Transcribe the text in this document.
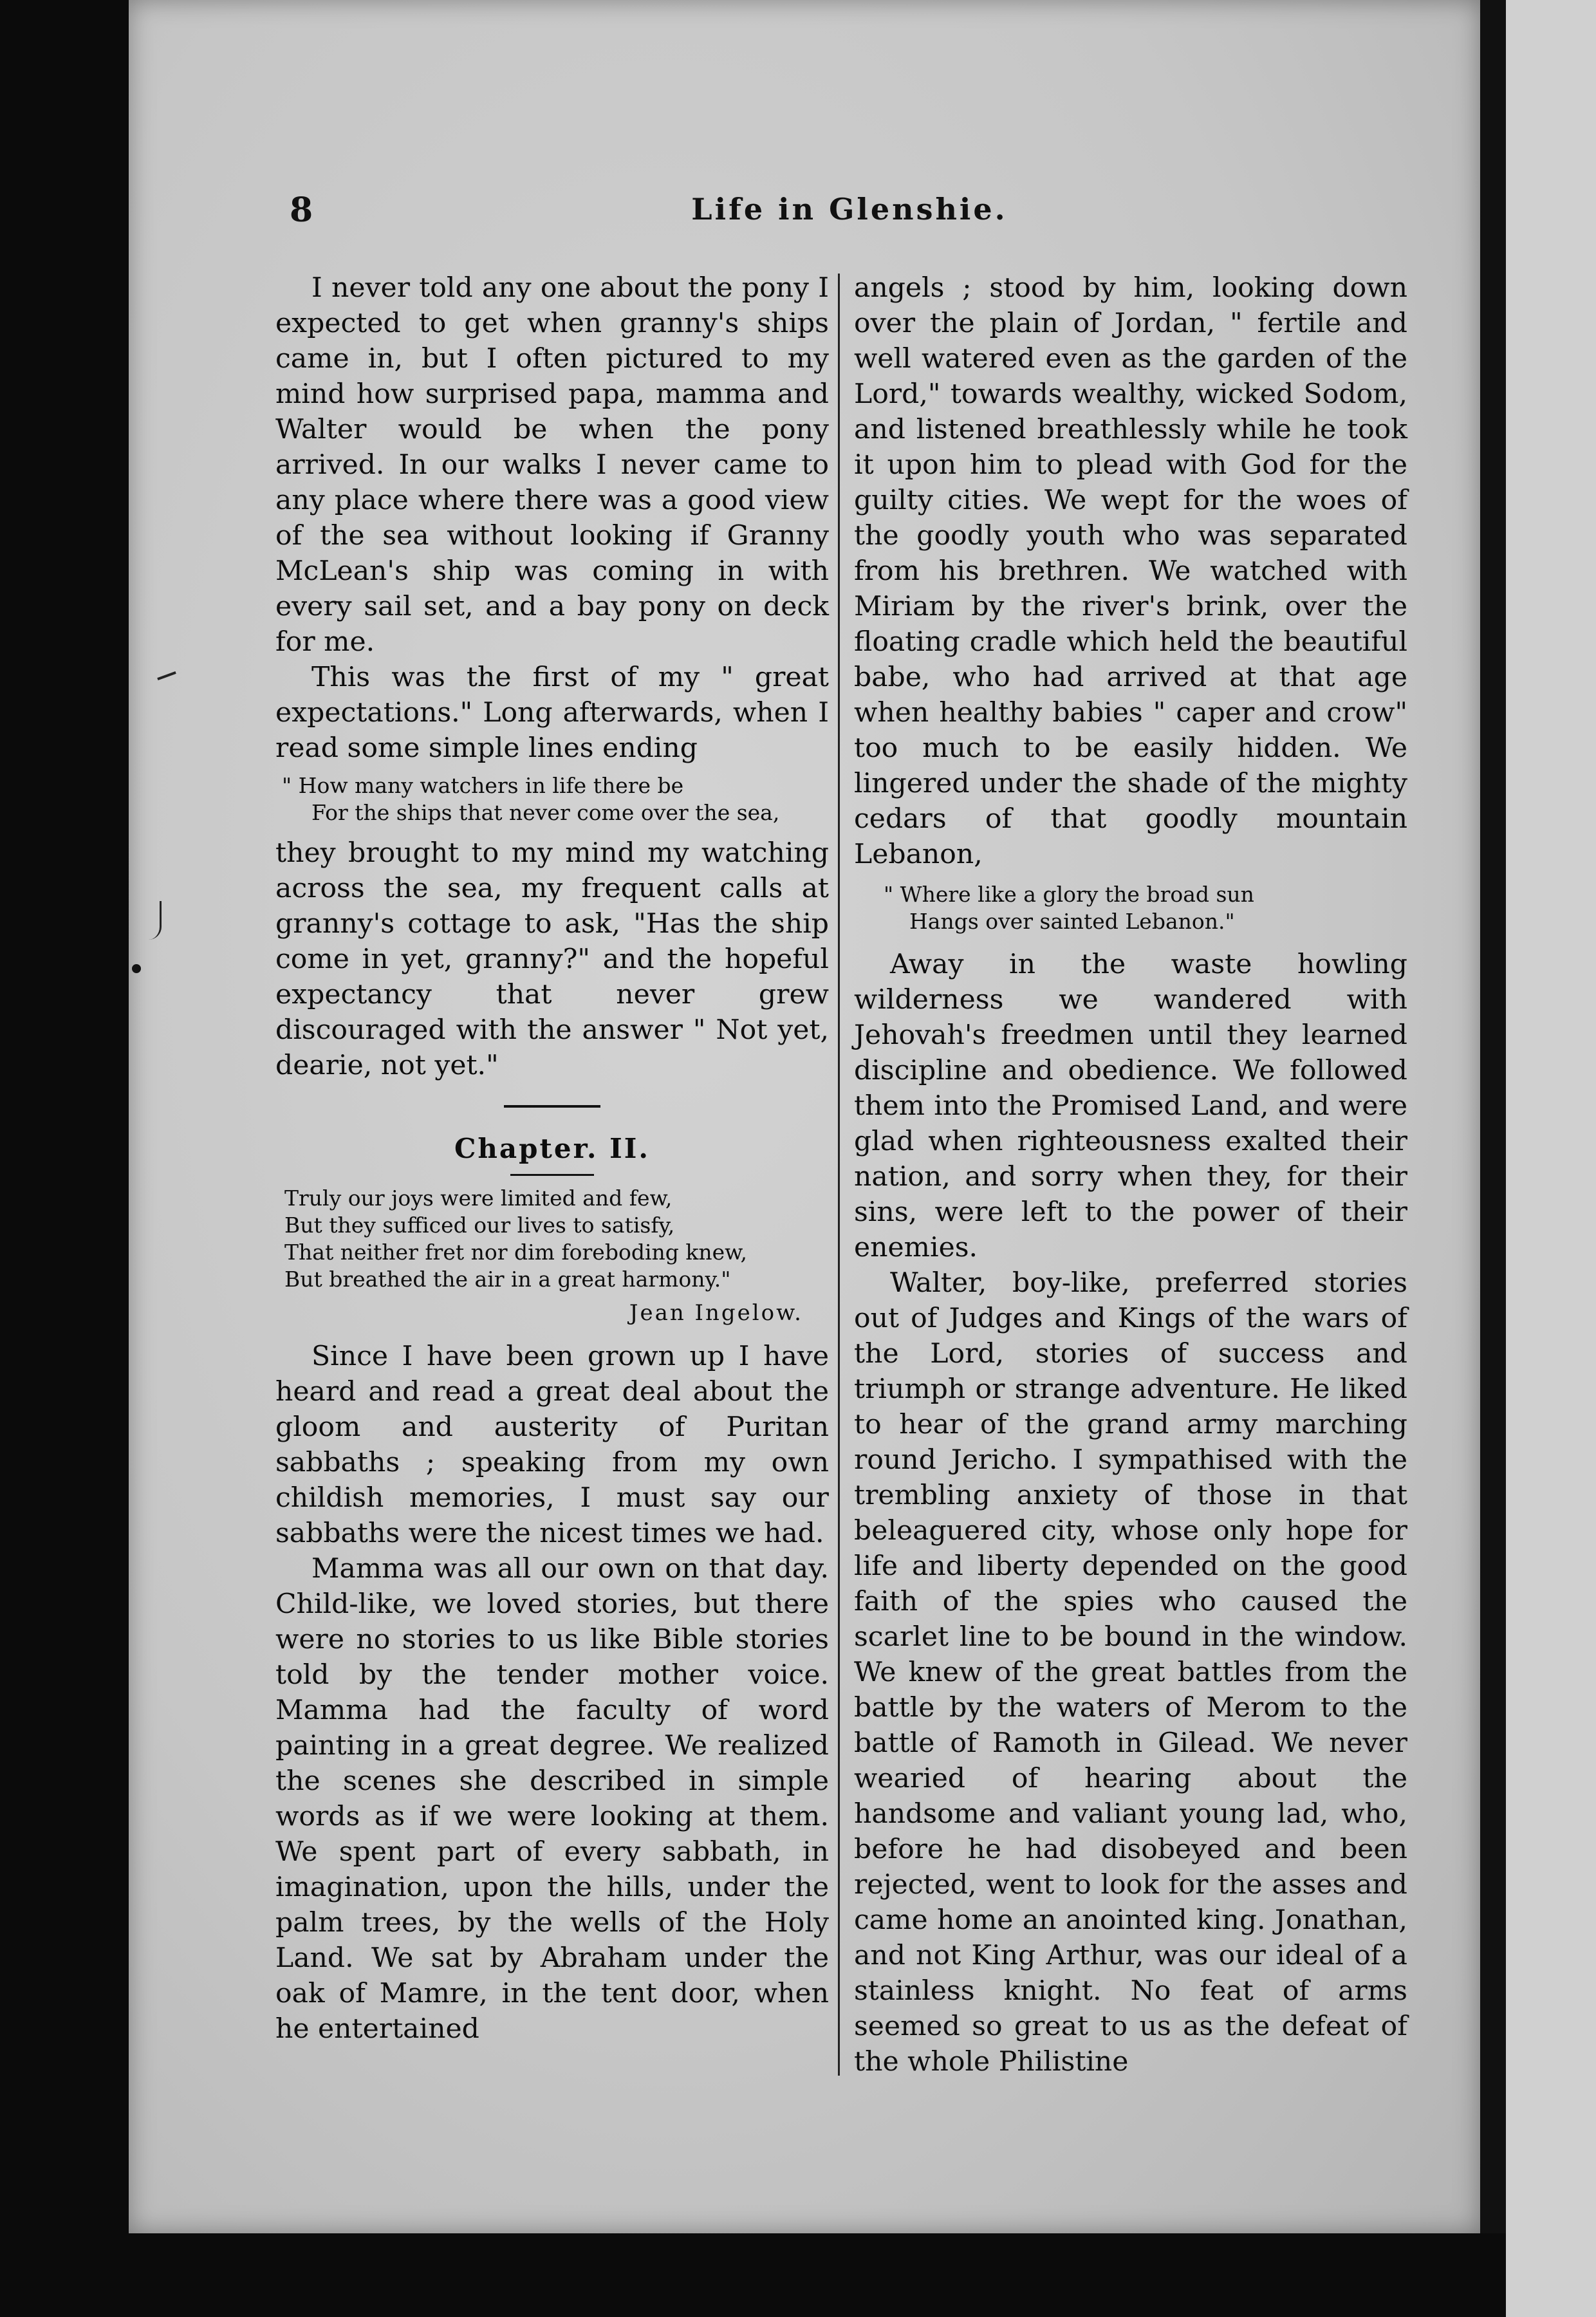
8	Life in Glenshie.

I never told any one about the pony I expected to get when granny's ships came in, but I often pictured to my mind how surprised papa, mamma and Walter would be when the pony arrived. In our walks I never came to any place where there was a good view of the sea without looking if Granny McLean's ship was coming in with every sail set, and a bay pony on deck for me.

This was the first of my " great expectations." Long afterwards, when I read some simple lines ending

" How many watchers in life there be
For the ships that never come over the sea,

they brought to my mind my watching across the sea, my frequent calls at granny's cottage to ask, "Has the ship come in yet, granny?" and the hopeful expectancy that never grew discouraged with the answer " Not yet, dearie, not yet."

Chapter. II.
Truly our joys were limited and few,
But they sufficed our lives to satisfy,
That neither fret nor dim foreboding knew,
But breathed the air in a great harmony."
Jean Ingelow.

Since I have been grown up I have heard and read a great deal about the gloom and austerity of Puritan sabbaths ; speaking from my own childish memories, I must say our sabbaths were the nicest times we had.

Mamma was all our own on that day. Child-like, we loved stories, but there were no stories to us like Bible stories told by the tender mother voice. Mamma had the faculty of word painting in a great degree. We realized the scenes she described in simple words as if we were looking at them. We spent part of every sabbath, in imagination, upon the hills, under the palm trees, by the wells of the Holy Land. We sat by Abraham under the oak of Mamre, in the tent door, when he entertained

angels ; stood by him, looking down over the plain of Jordan, " fertile and well watered even as the garden of the Lord," towards wealthy, wicked Sodom, and listened breathlessly while he took it upon him to plead with God for the guilty cities. We wept for the woes of the goodly youth who was separated from his brethren. We watched with Miriam by the river's brink, over the floating cradle which held the beautiful babe, who had arrived at that age when healthy babies " caper and crow" too much to be easily hidden. We lingered under the shade of the mighty cedars of that goodly mountain Lebanon,

" Where like a glory the broad sun
Hangs over sainted Lebanon."

Away in the waste howling wilderness we wandered with Jehovah's freedmen until they learned discipline and obedience. We followed them into the Promised Land, and were glad when righteousness exalted their nation, and sorry when they, for their sins, were left to the power of their enemies.

Walter, boy-like, preferred stories out of Judges and Kings of the wars of the Lord, stories of success and triumph or strange adventure. He liked to hear of the grand army marching round Jericho. I sympathised with the trembling anxiety of those in that beleaguered city, whose only hope for life and liberty depended on the good faith of the spies who caused the scarlet line to be bound in the window. We knew of the great battles from the battle by the waters of Merom to the battle of Ramoth in Gilead. We never wearied of hearing about the handsome and valiant young lad, who, before he had disobeyed and been rejected, went to look for the asses and came home an anointed king. Jonathan, and not King Arthur, was our ideal of a stainless knight. No feat of arms seemed so great to us as the defeat of the whole Philistine
